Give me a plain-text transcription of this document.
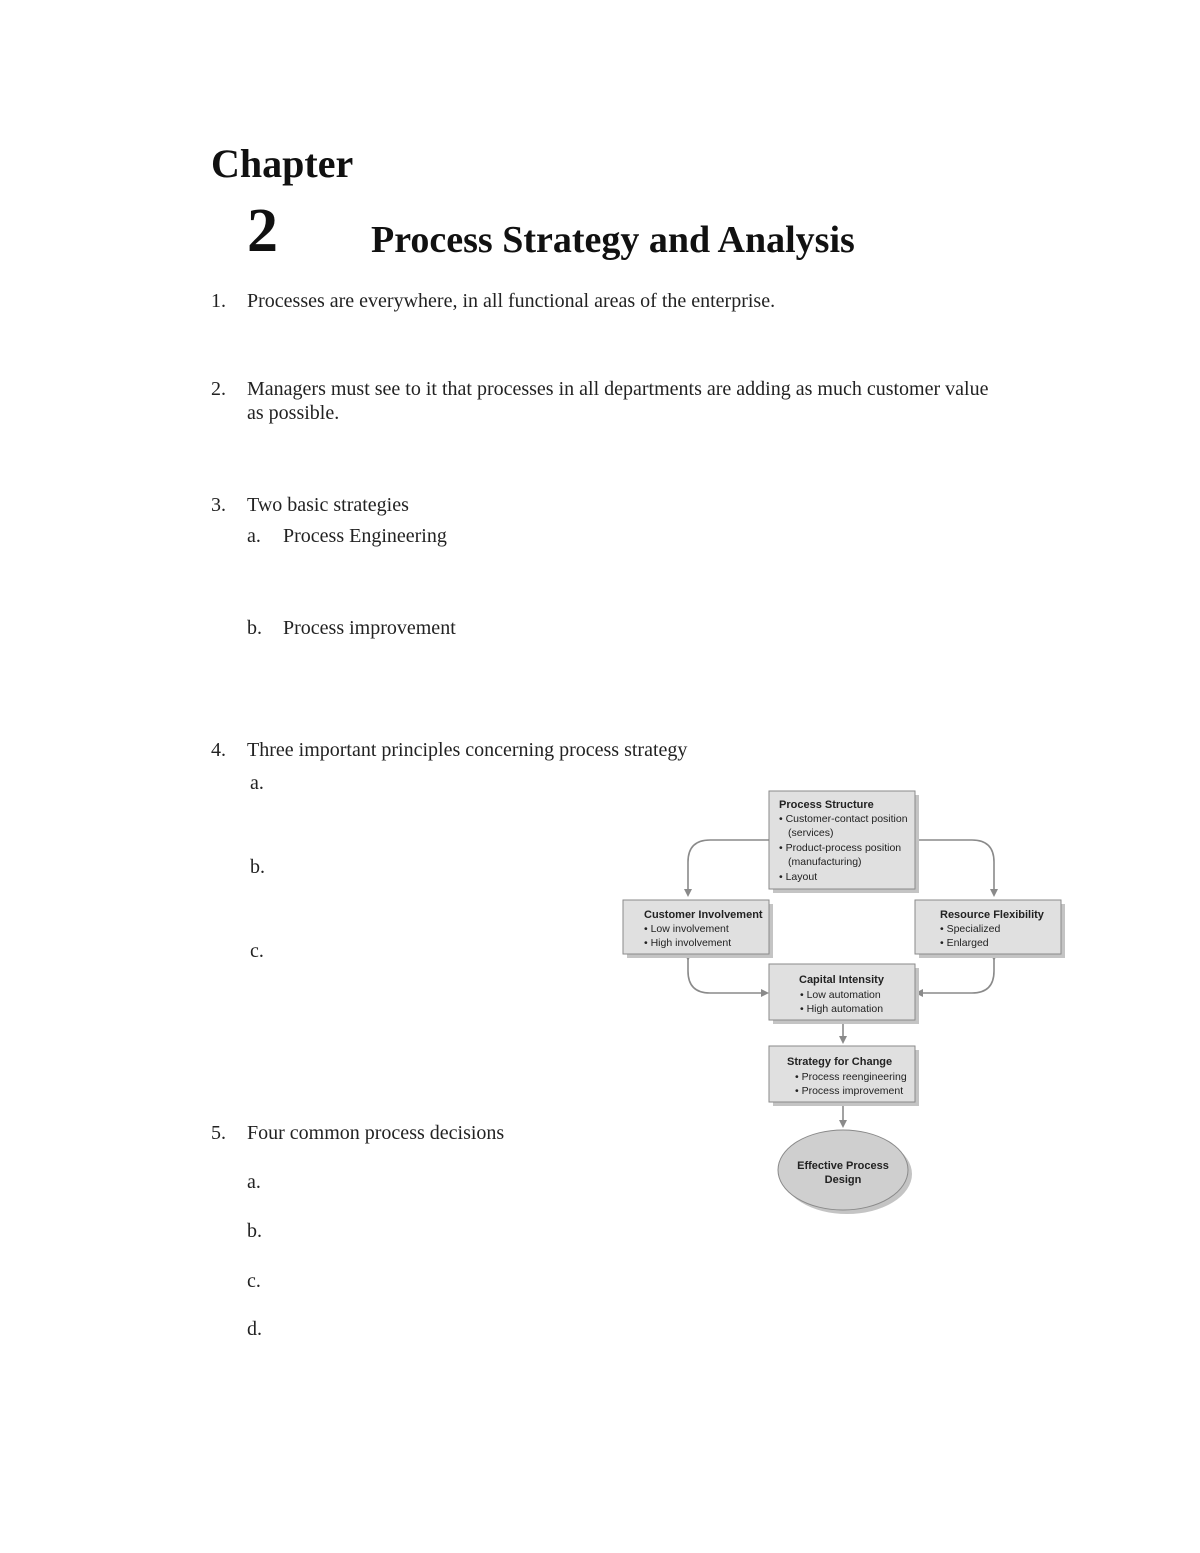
Chapter
2 Process Strategy and Analysis
1. Processes are everywhere, in all functional areas of the enterprise.
2. Managers must see to it that processes in all departments are adding as much customer value
as possible.
3. Two basic strategies
a. Process Engineering
b. Process improvement
4. Three important principles concerning process strategy
a.
b.
c.
5. Four common process decisions
a.
b.
c.
d.
Process Structure
• Customer-contact position
(services)
• Product-process position
(manufacturing)
• Layout
Customer Involvement
• Low involvement
• High involvement
Resource Flexibility
• Specialized
• Enlarged
Capital Intensity
• Low automation
• High automation
Strategy for Change
• Process reengineering
• Process improvement
Effective Process
Design
